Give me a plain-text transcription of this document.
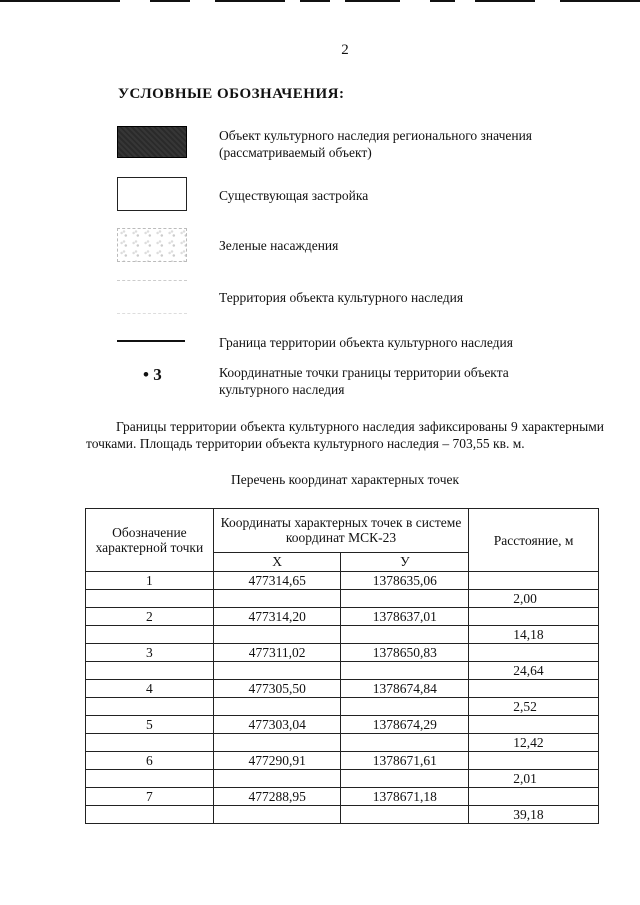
2
УСЛОВНЫЕ ОБОЗНАЧЕНИЯ:
Объект культурного наследия регионального значения (рассматриваемый объект)
Существующая застройка
Зеленые насаждения
Территория объекта культурного наследия
Граница территории объекта культурного наследия
• 3	Координатные точки границы территории объекта культурного наследия
Границы территории объекта культурного наследия зафиксированы 9 характерными точками. Площадь территории объекта культурного наследия – 703,55 кв. м.
Перечень координат характерных точек
Обозначение характерной точки	Координаты характерных точек в системе координат МСК-23		Расстояние, м
	X	У	
1	477314,65	1378635,06	
			2,00
2	477314,20	1378637,01	
			14,18
3	477311,02	1378650,83	
			24,64
4	477305,50	1378674,84	
			2,52
5	477303,04	1378674,29	
			12,42
6	477290,91	1378671,61	
			2,01
7	477288,95	1378671,18	
			39,18
